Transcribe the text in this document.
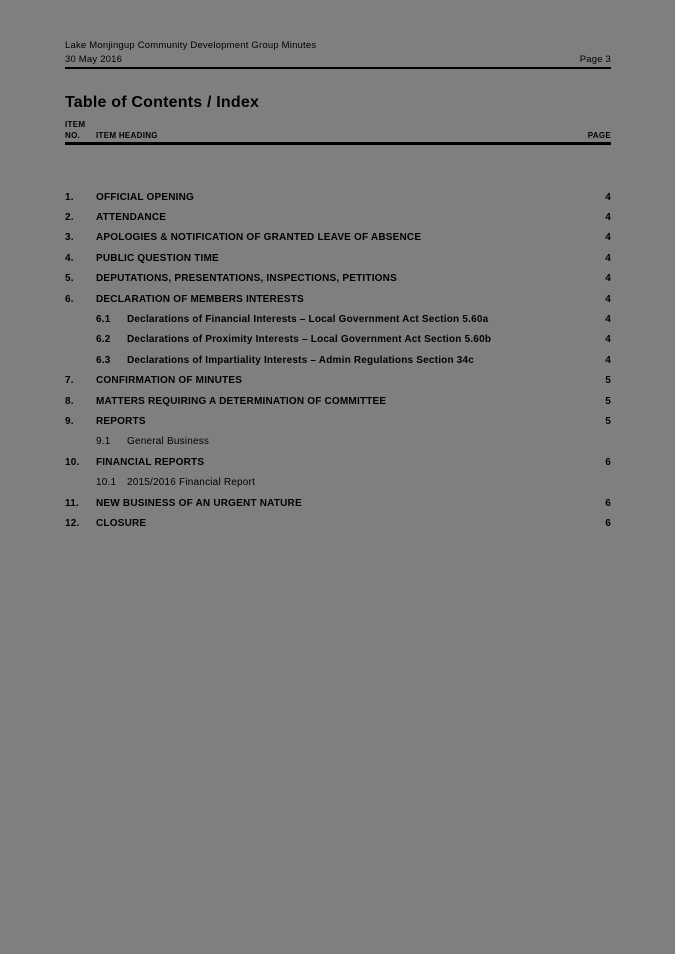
Lake Monjingup Community Development Group Minutes
30 May 2016	Page 3
Table of Contents / Index
ITEM
NO.	ITEM HEADING	PAGE
1.	OFFICIAL OPENING	4
2.	ATTENDANCE	4
3.	APOLOGIES & NOTIFICATION OF GRANTED LEAVE OF ABSENCE	4
4.	PUBLIC QUESTION TIME	4
5.	DEPUTATIONS, PRESENTATIONS, INSPECTIONS, PETITIONS	4
6.	DECLARATION OF MEMBERS INTERESTS	4
6.1	Declarations of Financial Interests – Local Government Act Section 5.60a	4
6.2	Declarations of Proximity Interests – Local Government Act Section 5.60b	4
6.3	Declarations of Impartiality Interests – Admin Regulations Section 34c	4
7.	CONFIRMATION OF MINUTES	5
8.	MATTERS REQUIRING A DETERMINATION OF COMMITTEE	5
9.	REPORTS	5
9.1	General Business
10.	FINANCIAL REPORTS	6
10.1	2015/2016 Financial Report
11.	NEW BUSINESS OF AN URGENT NATURE	6
12.	CLOSURE	6
